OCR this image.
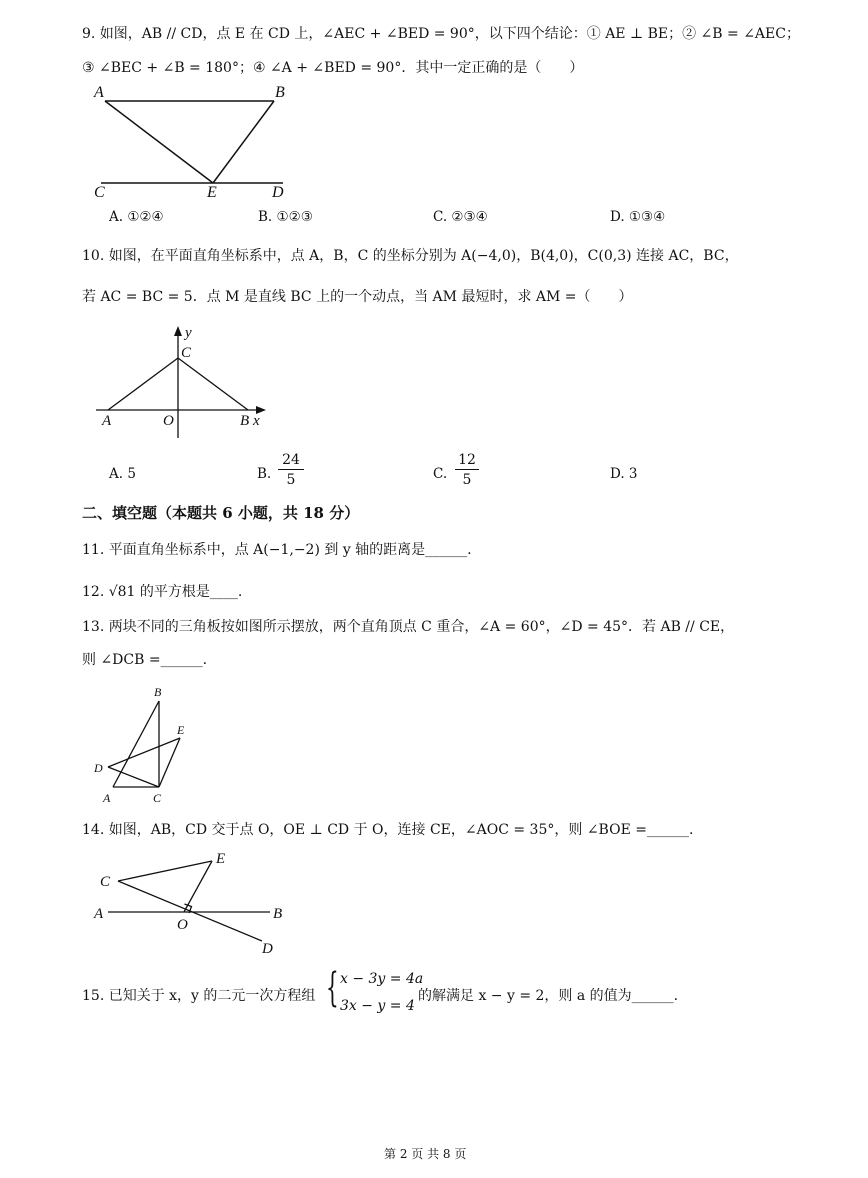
9. 如图，AB // CD，点 E 在 CD 上，∠AEC + ∠BED = 90°，以下四个结论：① AE ⊥ BE；② ∠B = ∠AEC；
③ ∠BEC + ∠B = 180°；④ ∠A + ∠BED = 90°．其中一定正确的是（　　）
A	B
C	E	D
A. ①②④	B. ①②③	C. ②③④	D. ①③④
10. 如图，在平面直角坐标系中，点 A，B，C 的坐标分别为 A(−4,0)，B(4,0)，C(0,3) 连接 AC，BC，
若 AC = BC = 5．点 M 是直线 BC 上的一个动点，当 AM 最短时，求 AM =（　　）
y
C
A	O	B x
A. 5	B. $\frac{24}{5}$	C. $\frac{12}{5}$	D. 3
二、填空题（本题共 6 小题，共 18 分）
11. 平面直角坐标系中，点 A(−1,−2) 到 y 轴的距离是______.
12. √81 的平方根是____.
13. 两块不同的三角板按如图所示摆放，两个直角顶点 C 重合，∠A = 60°，∠D = 45°．若 AB // CE，
则 ∠DCB =______.
B
E
D
A	C
14. 如图，AB，CD 交于点 O，OE ⊥ CD 于 O，连接 CE，∠AOC = 35°，则 ∠BOE =______.
E
C
A
O
B
D
15. 已知关于 x，y 的二元一次方程组 { x − 3y = 4a
3x − y = 4
的解满足 x − y = 2，则 a 的值为______.
第 2 页 共 8 页
